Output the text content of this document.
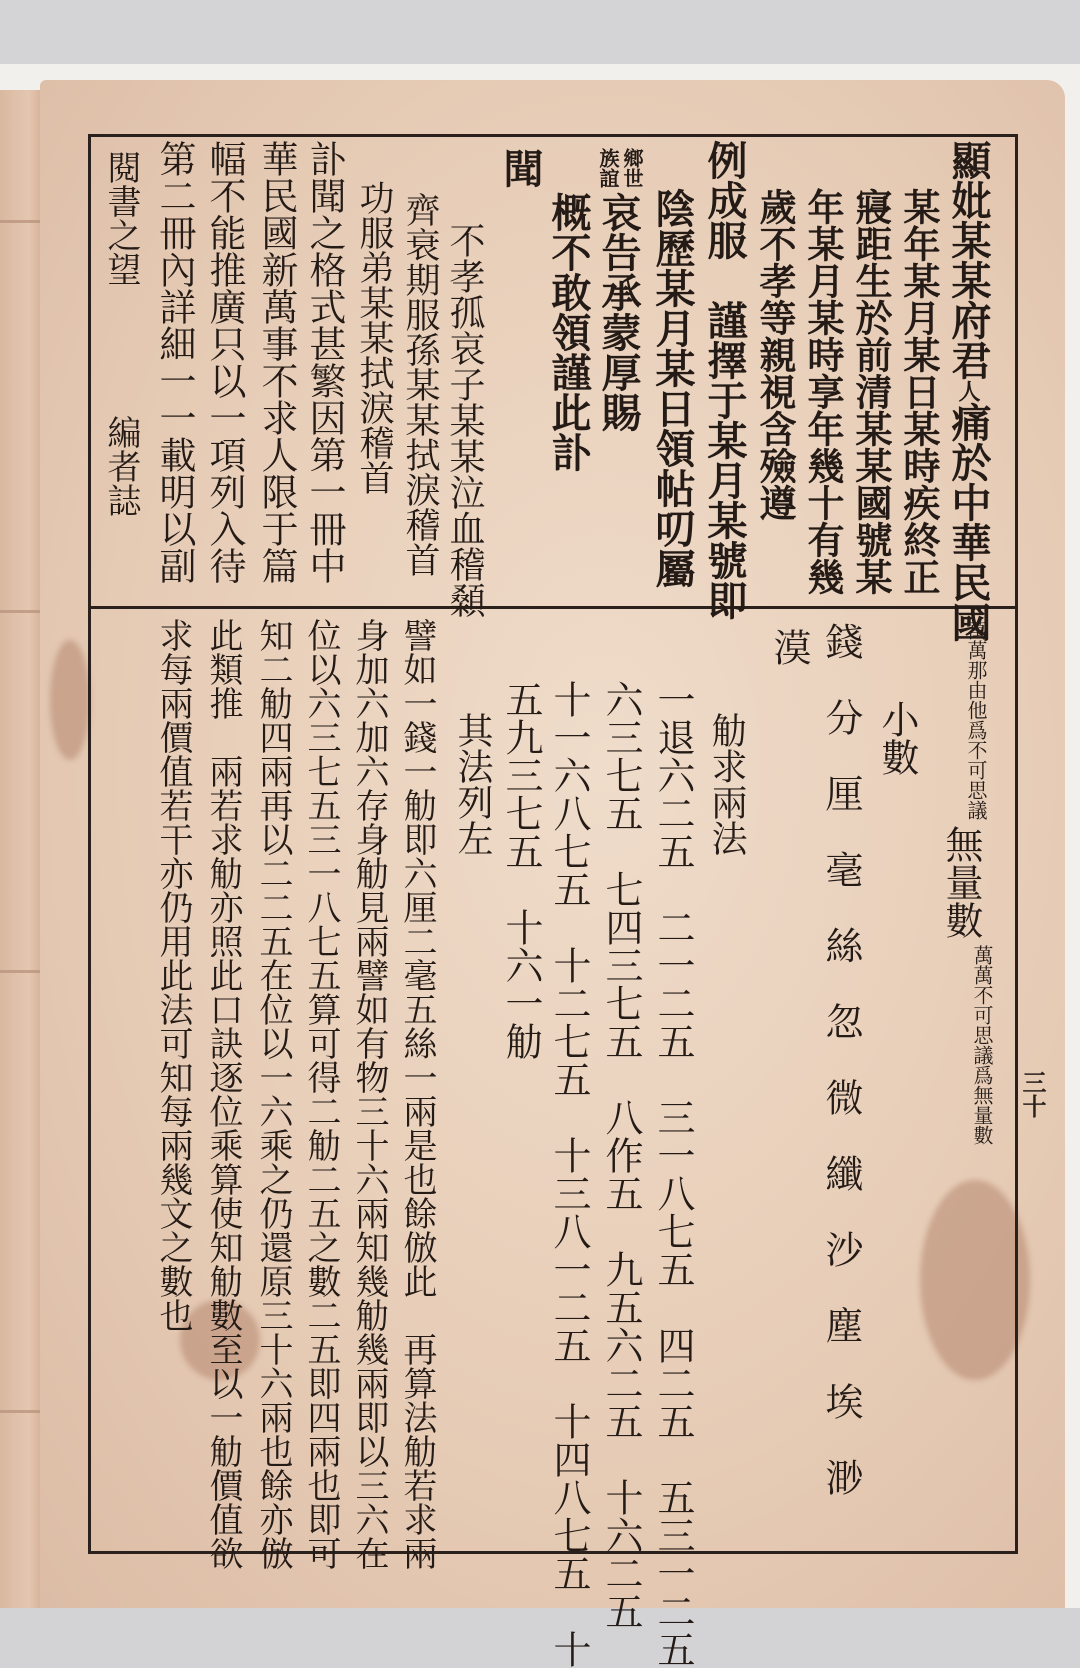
顯妣某某府君人痛於中華民國
某年某月某日某時疾終正
寢距生於前清某某國號某
年某月某時享年幾十有幾
歲不孝等親視含殮遵
例成服　謹擇于某月某號即
陰歷某月某日領帖叨屬
鄉世
族誼
哀告承蒙厚賜
概不敢領謹此訃
聞
不孝孤哀子某某泣血稽顙
齊衰期服孫某某拭淚稽首
功服弟某某拭淚稽首
訃聞之格式甚繁因第一冊中
華民國新萬事不求人限于篇
幅不能推廣只以一項列入待
第二冊內詳細一一載明以副
閱書之望
編者誌
萬萬那由他爲不可思議
無量數
萬萬不可思議爲無量數
小數
錢　分　厘　毫　絲　忽　微　纖　沙　塵　埃　渺
漠
觔求兩法
一退六二五　二一二五　三一八七五　四二五　五三一二五
六三七五　七四三七五　八作五　九五六二五　十六二五
十一六八七五　十二七五　十三八一二五　十四八七五　十
五九三七五　十六一觔
其法列左
譬如一錢一觔即六厘二毫五絲一兩是也餘倣此　再算法觔若求兩
身加六加六存身觔見兩譬如有物三十六兩知幾觔幾兩即以三六在
位以六三七五三一八七五算可得二觔二五之數二五即四兩也即可
知二觔四兩再以二二五在位以一六乘之仍還原三十六兩也餘亦倣
此類推　兩若求觔亦照此口訣逐位乘算使知觔數至以一觔價值欲
求每兩價值若干亦仍用此法可知每兩幾文之數也	三十
